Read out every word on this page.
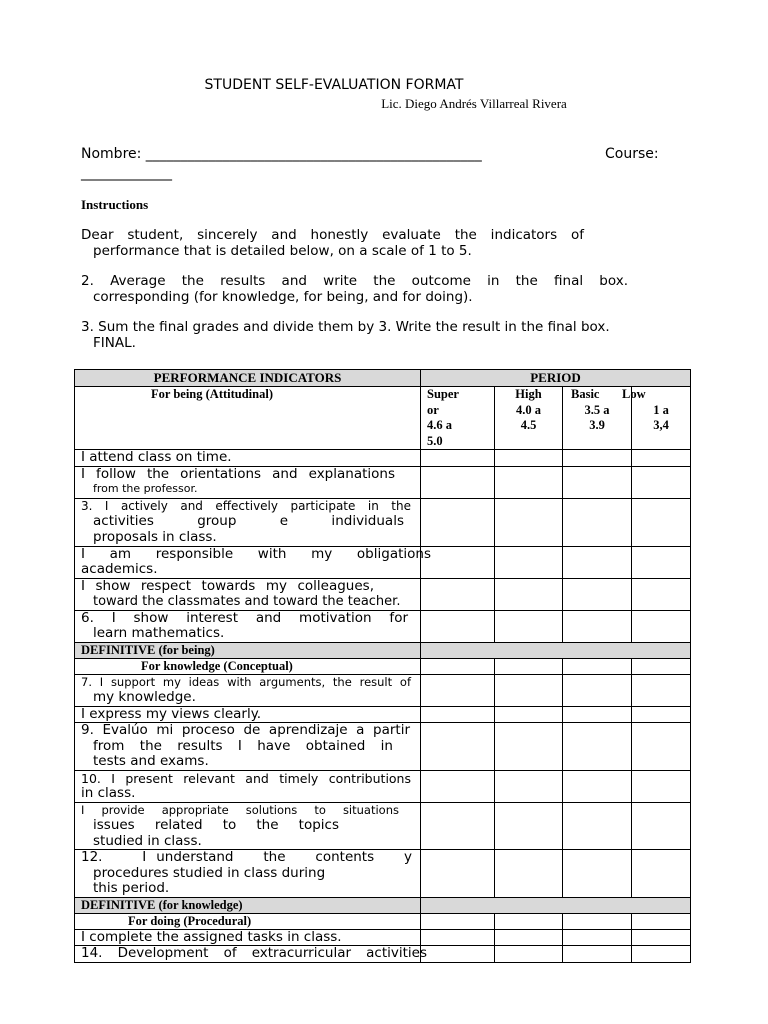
STUDENT SELF-EVALUATION FORMAT
Lic. Diego Andrés Villarreal Rivera
Nombre: ________________________________________________	Course:
_____________
Instructions
Dear student, sincerely and honestly evaluate the indicators of
performance that is detailed below, on a scale of 1 to 5.
2. Average the results and write the outcome in the final box.
corresponding (for knowledge, for being, and for doing).
3. Sum the final grades and divide them by 3. Write the result in the final box.
FINAL.
PERFORMANCE INDICATORS	PERIOD			
For being (Attitudinal)	Super
or
4.6 a
5.0	High
4.0 a
4.5	Basic
3.5 a
3.9	Low
1 a
3,4

I attend class on time.				

I follow the orientations and explanations
from the professor.				

3. I actively and effectively participate in the
activities group e individuals
proposals in class.				

I am responsible with my obligations
academics.				

I show respect towards my colleagues,
toward the classmates and toward the teacher.				

6. I show interest and motivation for
learn mathematics.				

DEFINITIVE (for being)				
For knowledge (Conceptual)				

7. I support my ideas with arguments, the result of
my knowledge.				

I express my views clearly.				

9. Evalúo mi proceso de aprendizaje a partir
from the results I have obtained in
tests and exams.				

10. I present relevant and timely contributions
in class.				

I provide appropriate solutions to situations
issues related to the topics
studied in class.				

12.    I understand   the   contents   y
procedures studied in class during
this period.				

DEFINITIVE (for knowledge)				
For doing (Procedural)				
I complete the assigned tasks in class.				

14. Development of extracurricular activities				
